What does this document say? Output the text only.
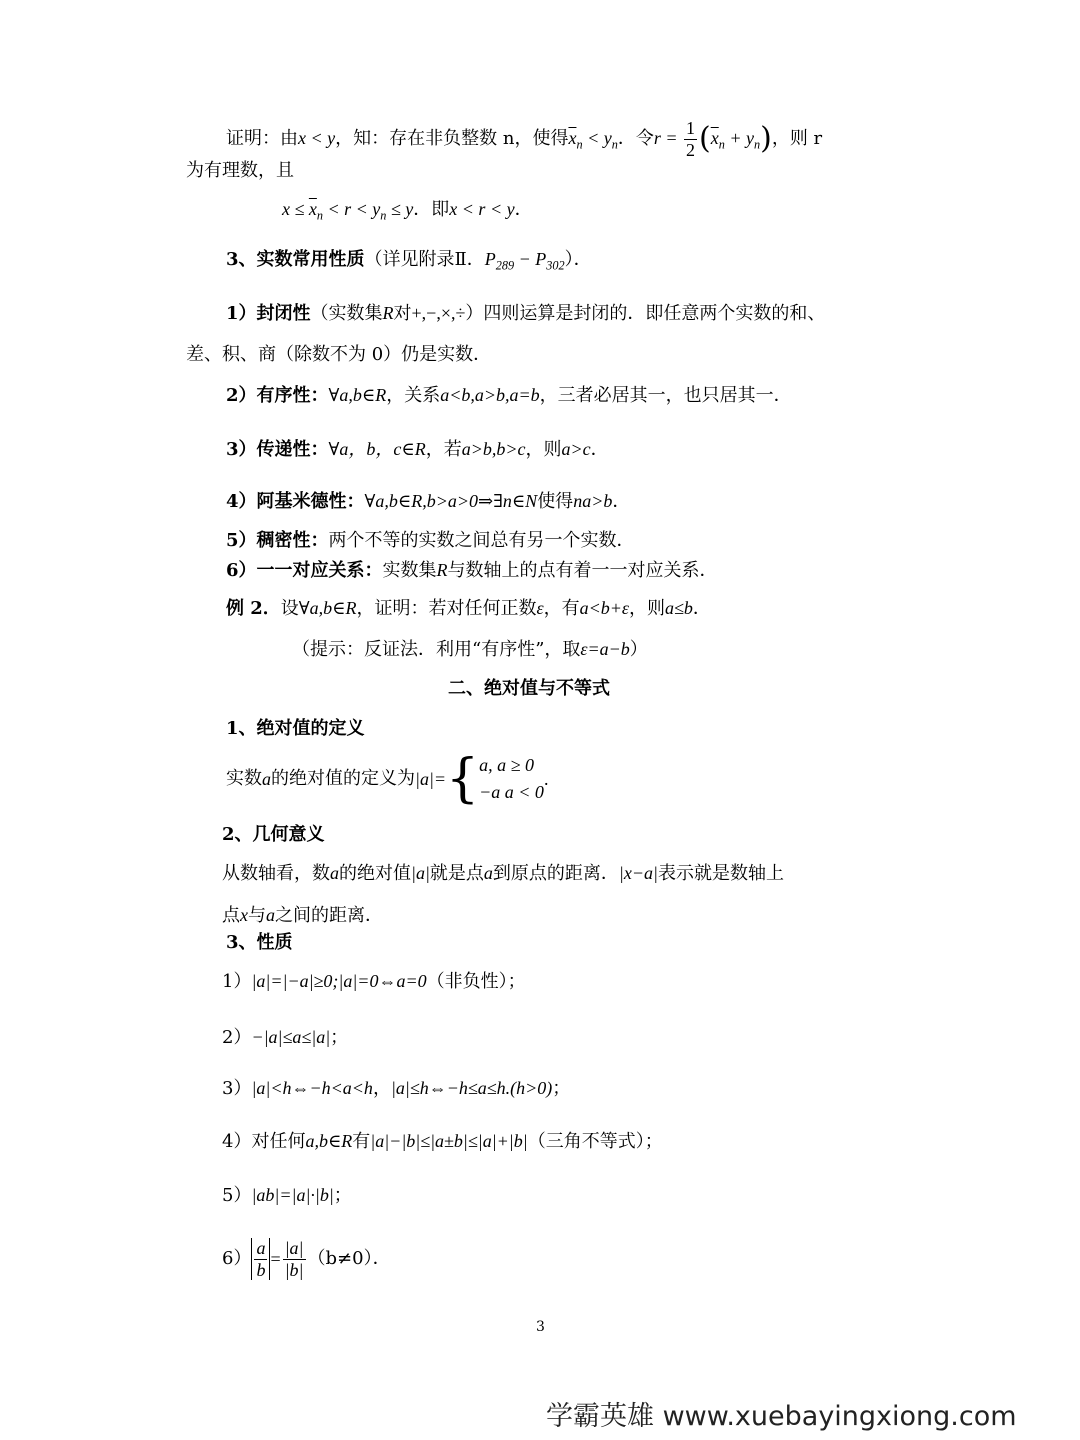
证明：由x < y，知：存在非负整数 n，使得$\overline{x}_n < y_n$．令$r = \frac{1}{2} (\overline{x}_n + y_n)$，则 r
为有理数，且
$x \le \overline{x}_n < r < y_n \le y$．即x < r < y．
3、实数常用性质（详见附录Ⅱ．$P_{289} - P_{302}$）．
1）封闭性（实数集R对+,−,×,÷）四则运算是封闭的．即任意两个实数的和、
差、积、商（除数不为 0）仍是实数．
2）有序性：∀a,b∈R，关系a<b,a>b,a=b，三者必居其一，也只居其一．
3）传递性：∀a，b，c∈R，若a>b,b>c，则a>c．
4）阿基米德性：∀a,b∈R,b>a>0⇒∃n∈N使得na>b．
5）稠密性：两个不等的实数之间总有另一个实数．
6）一一对应关系：实数集R与数轴上的点有着一一对应关系．
例 2．设∀a,b∈R，证明：若对任何正数ε，有a<b+ε，则a≤b．
（提示：反证法．利用“有序性”，取ε=a−b）
二、绝对值与不等式
1、绝对值的定义
实数a的绝对值的定义为|a|={ a, a ≥ 0
−a a < 0
.
2、几何意义
从数轴看，数a的绝对值|a|就是点a到原点的距离．|x−a|表示就是数轴上
点x与a之间的距离．
3、性质
1）|a|=|−a|≥0;|a|=0⇔a=0（非负性）；
2）−|a|≤a≤|a|；
3）|a|<h⇔−h<a<h，|a|≤h⇔−h≤a≤h.(h>0)；
4）对任何a,b∈R有|a|−|b|≤|a±b|≤|a|+|b|（三角不等式）；
5）|ab|=|a|·|b|；
$6) \frac{a}{b} = \frac{|a|}{|b|} (b\ne 0)$．
3
学霸英雄 www.xuebayingxiong.com
